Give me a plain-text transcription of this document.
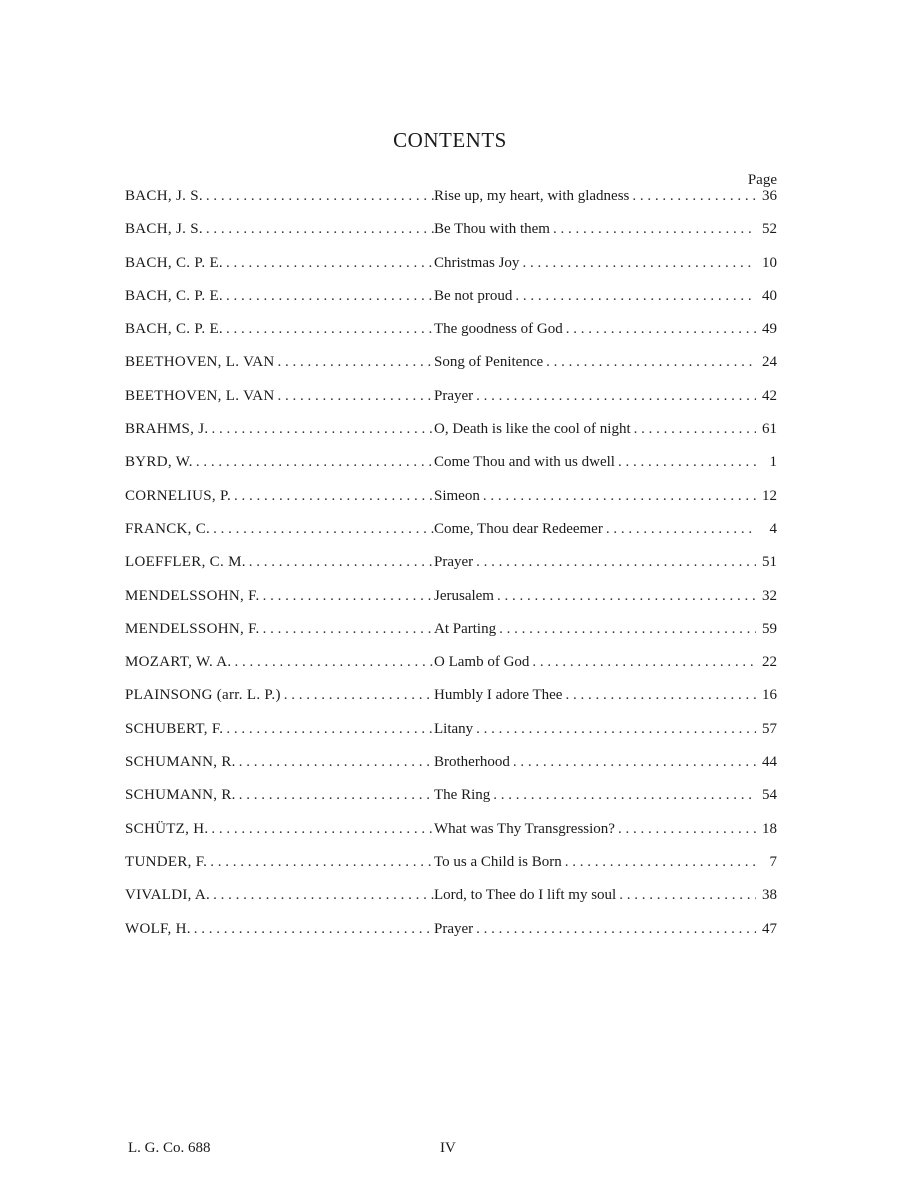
CONTENTS
Page
BACH, J. S. . . .	Rise up, my heart, with gladness . . .	36
BACH, J. S. . . .	Be Thou with them . . .	52
BACH, C. P. E. . . .	Christmas Joy . . .	10
BACH, C. P. E. . . .	Be not proud . . .	40
BACH, C. P. E. . . .	The goodness of God . . .	49
BEETHOVEN, L. VAN . . .	Song of Penitence . . .	24
BEETHOVEN, L. VAN . . .	Prayer . . .	42
BRAHMS, J. . . .	O, Death is like the cool of night . . .	61
BYRD, W. . . .	Come Thou and with us dwell . . .	1
CORNELIUS, P. . . .	Simeon . . .	12
FRANCK, C. . . .	Come, Thou dear Redeemer . . .	4
LOEFFLER, C. M. . . .	Prayer . . .	51
MENDELSSOHN, F. . . .	Jerusalem . . .	32
MENDELSSOHN, F. . . .	At Parting . . .	59
MOZART, W. A. . . .	O Lamb of God . . .	22
PLAINSONG (arr. L. P.) . . .	Humbly I adore Thee . . .	16
SCHUBERT, F. . . .	Litany . . .	57
SCHUMANN, R. . . .	Brotherhood . . .	44
SCHUMANN, R. . . .	The Ring . . .	54
SCHÜTZ, H. . . .	What was Thy Transgression? . . .	18
TUNDER, F. . . .	To us a Child is Born . . .	7
VIVALDI, A. . . .	Lord, to Thee do I lift my soul . . .	38
WOLF, H. . . .	Prayer . . .	47
L. G. Co. 688	IV
